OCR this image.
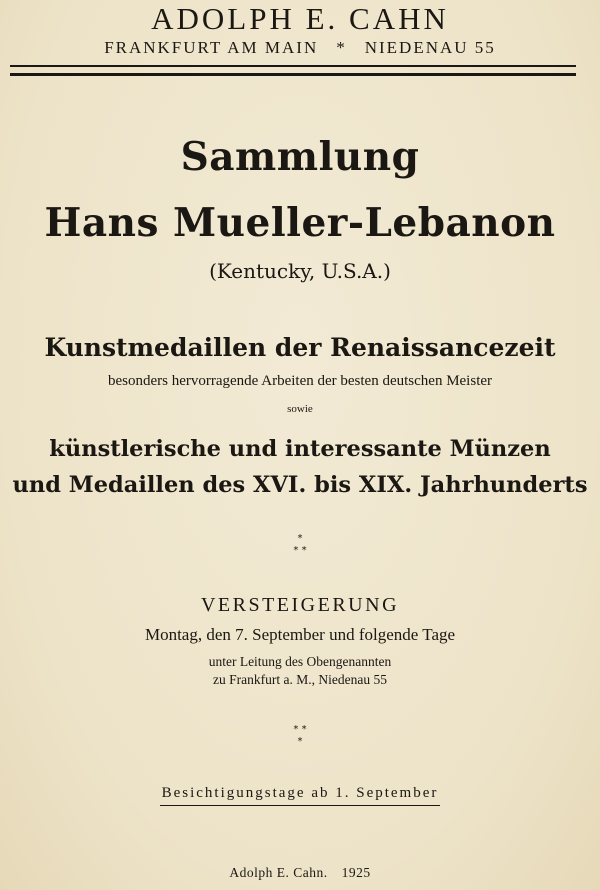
ADOLPH E. CAHN
FRANKFURT AM MAIN * NIEDENAU 55
Sammlung
Hans Mueller-Lebanon
(Kentucky, U.S.A.)
Kunstmedaillen der Renaissancezeit
besonders hervorragende Arbeiten der besten deutschen Meister
sowie
künstlerische und interessante Münzen
und Medaillen des XVI. bis XIX. Jahrhunderts
*
* *
VERSTEIGERUNG
Montag, den 7. September und folgende Tage
unter Leitung des Obengenannten
zu Frankfurt a. M., Niedenau 55
* *
*
Besichtigungstage ab 1. September
Adolph E. Cahn. 1925
